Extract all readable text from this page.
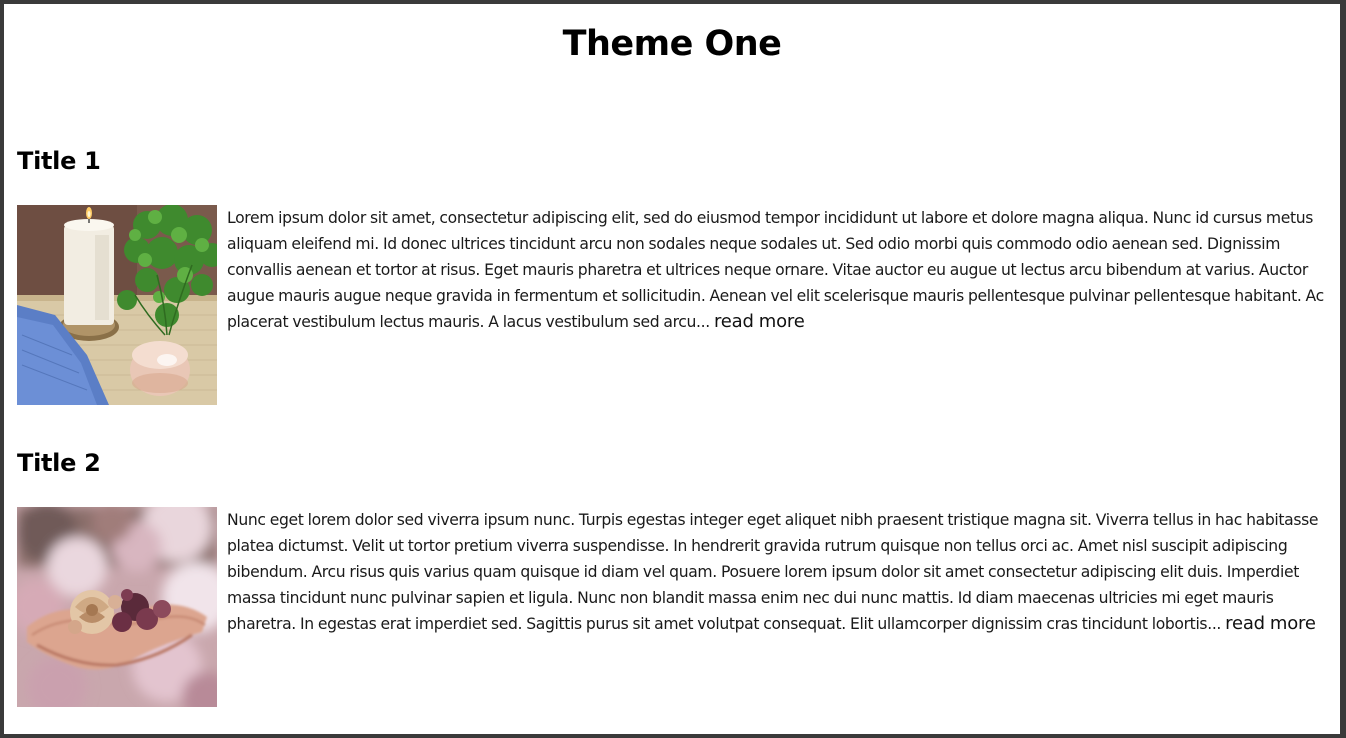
Theme One
Title 1

Lorem ipsum dolor sit amet, consectetur adipiscing elit, sed do eiusmod tempor incididunt ut labore et dolore magna aliqua. Nunc id cursus metus aliquam eleifend mi. Id donec ultrices tincidunt arcu non sodales neque sodales ut. Sed odio morbi quis commodo odio aenean sed. Dignissim convallis aenean et tortor at risus. Eget mauris pharetra et ultrices neque ornare. Vitae auctor eu augue ut lectus arcu bibendum at varius. Auctor augue mauris augue neque gravida in fermentum et sollicitudin. Aenean vel elit scelerisque mauris pellentesque pulvinar pellentesque habitant. Ac placerat vestibulum lectus mauris. A lacus vestibulum sed arcu... read more

Title 2

Nunc eget lorem dolor sed viverra ipsum nunc. Turpis egestas integer eget aliquet nibh praesent tristique magna sit. Viverra tellus in hac habitasse platea dictumst. Velit ut tortor pretium viverra suspendisse. In hendrerit gravida rutrum quisque non tellus orci ac. Amet nisl suscipit adipiscing bibendum. Arcu risus quis varius quam quisque id diam vel quam. Posuere lorem ipsum dolor sit amet consectetur adipiscing elit duis. Imperdiet massa tincidunt nunc pulvinar sapien et ligula. Nunc non blandit massa enim nec dui nunc mattis. Id diam maecenas ultricies mi eget mauris pharetra. In egestas erat imperdiet sed. Sagittis purus sit amet volutpat consequat. Elit ullamcorper dignissim cras tincidunt lobortis... read more
